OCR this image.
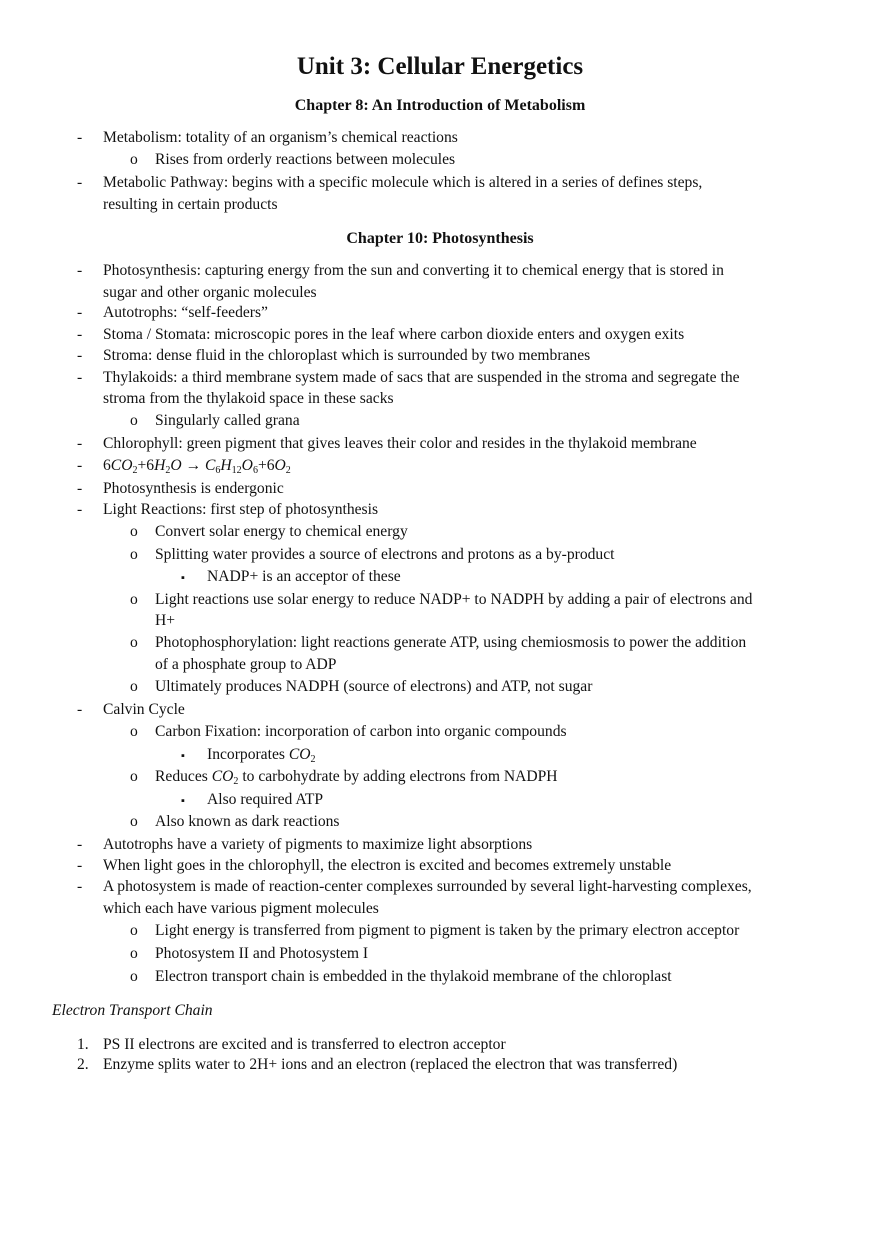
Unit 3: Cellular Energetics
Chapter 8: An Introduction of Metabolism
- Metabolism: totality of an organism’s chemical reactions
o Rises from orderly reactions between molecules
- Metabolic Pathway: begins with a specific molecule which is altered in a series of defines steps,
resulting in certain products
Chapter 10: Photosynthesis
- Photosynthesis: capturing energy from the sun and converting it to chemical energy that is stored in
sugar and other organic molecules
- Autotrophs: “self-feeders”
- Stoma / Stomata: microscopic pores in the leaf where carbon dioxide enters and oxygen exits
- Stroma: dense fluid in the chloroplast which is surrounded by two membranes
- Thylakoids: a third membrane system made of sacs that are suspended in the stroma and segregate the
stroma from the thylakoid space in these sacks
o Singularly called grana
- Chlorophyll: green pigment that gives leaves their color and resides in the thylakoid membrane
- $6CO_2+6H_2O \to C_6H_{12}O_6+6O_2$
- Photosynthesis is endergonic
- Light Reactions: first step of photosynthesis
o Convert solar energy to chemical energy
o Splitting water provides a source of electrons and protons as a by-product
▪ NADP+ is an acceptor of these
o Light reactions use solar energy to reduce NADP+ to NADPH by adding a pair of electrons and
H+
o Photophosphorylation: light reactions generate ATP, using chemiosmosis to power the addition
of a phosphate group to ADP
o Ultimately produces NADPH (source of electrons) and ATP, not sugar
- Calvin Cycle
o Carbon Fixation: incorporation of carbon into organic compounds
▪ Incorporates $CO_2$
o Reduces $CO_2$ to carbohydrate by adding electrons from NADPH
▪ Also required ATP
o Also known as dark reactions
- Autotrophs have a variety of pigments to maximize light absorptions
- When light goes in the chlorophyll, the electron is excited and becomes extremely unstable
- A photosystem is made of reaction-center complexes surrounded by several light-harvesting complexes,
which each have various pigment molecules
o Light energy is transferred from pigment to pigment is taken by the primary electron acceptor
o Photosystem II and Photosystem I
o Electron transport chain is embedded in the thylakoid membrane of the chloroplast
Electron Transport Chain
1. PS II electrons are excited and is transferred to electron acceptor
2. Enzyme splits water to 2H+ ions and an electron (replaced the electron that was transferred)
